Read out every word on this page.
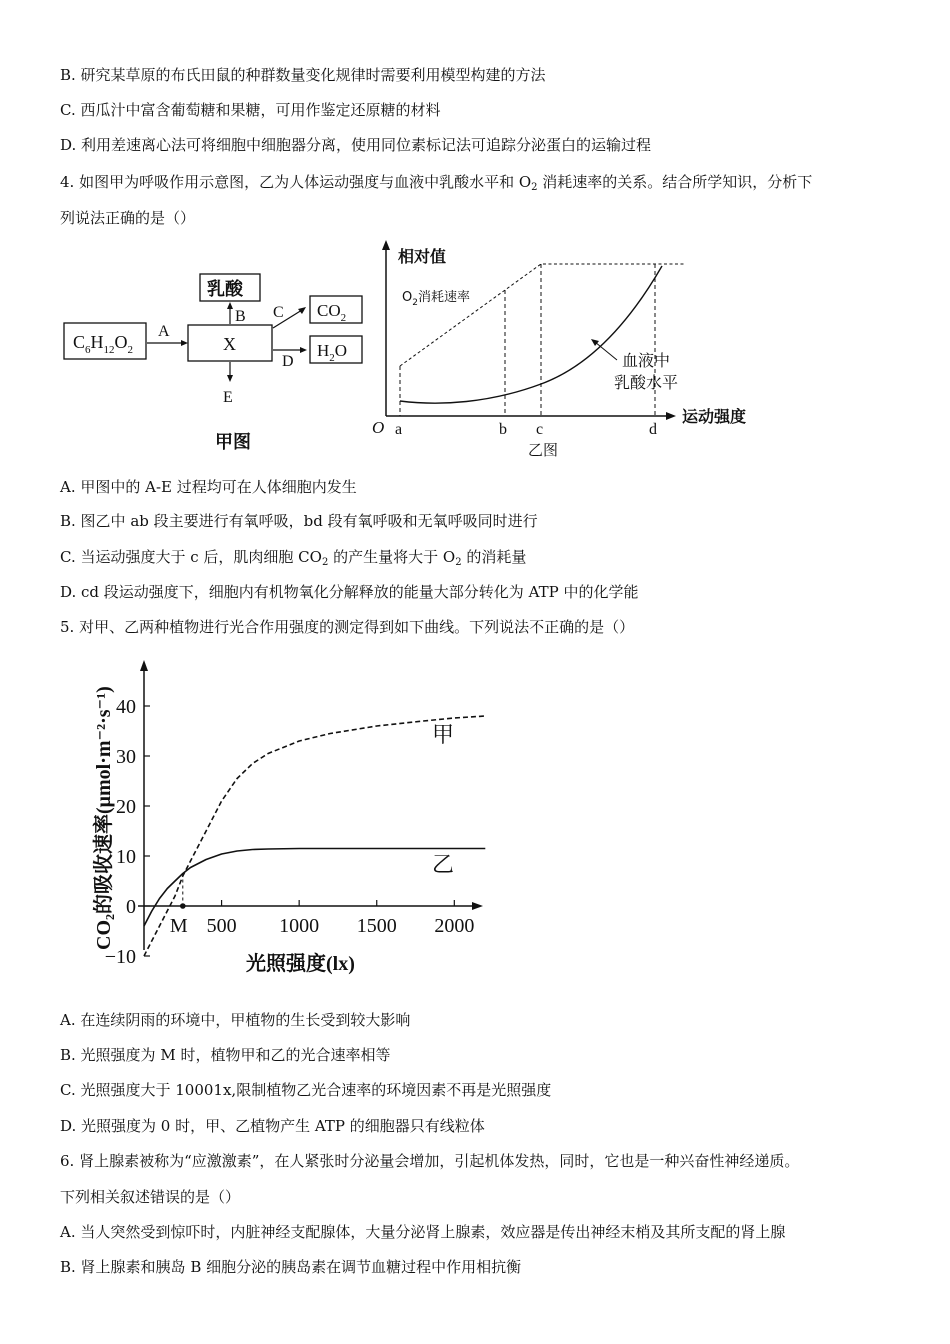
B. 研究某草原的布氏田鼠的种群数量变化规律时需要利用模型构建的方法
C. 西瓜汁中富含葡萄糖和果糖，可用作鉴定还原糖的材料
D. 利用差速离心法可将细胞中细胞器分离，使用同位素标记法可追踪分泌蛋白的运输过程
4. 如图甲为呼吸作用示意图，乙为人体运动强度与血液中乳酸水平和 $O_2$ 消耗速率的关系。结合所学知识，分析下
列说法正确的是（）
$C_6H_{12}O_2$
A
X
乳酸
B C $CO_2$
D
$H_2O$
E
甲图
相对值
运动强度
O
$O_2$消耗速率
血液中
乳酸水平
a	b c	d
乙图
A. 甲图中的 A-E 过程均可在人体细胞内发生
B. 图乙中 ab 段主要进行有氧呼吸，bd 段有氧呼吸和无氧呼吸同时进行
C. 当运动强度大于 c 后，肌肉细胞 $CO_2$ 的产生量将大于 $O_2$ 的消耗量
D. cd 段运动强度下，细胞内有机物氧化分解释放的能量大部分转化为 ATP 中的化学能
5. 对甲、乙两种植物进行光合作用强度的测定得到如下曲线。下列说法不正确的是（）
CO₂的吸收速率(μmol·m⁻²·s⁻¹)
光照强度(lx)
40
30
20
10
0
−10
M 500 1000 1500 2000
甲
乙
A. 在连续阴雨的环境中，甲植物的生长受到较大影响
B. 光照强度为 M 时，植物甲和乙的光合速率相等
C. 光照强度大于 10001x,限制植物乙光合速率的环境因素不再是光照强度
D. 光照强度为 0 时，甲、乙植物产生 ATP 的细胞器只有线粒体
6. 肾上腺素被称为“应激激素”，在人紧张时分泌量会增加，引起机体发热，同时，它也是一种兴奋性神经递质。
下列相关叙述错误的是（）
A. 当人突然受到惊吓时，内脏神经支配腺体，大量分泌肾上腺素，效应器是传出神经末梢及其所支配的肾上腺
B. 肾上腺素和胰岛 B 细胞分泌的胰岛素在调节血糖过程中作用相抗衡
